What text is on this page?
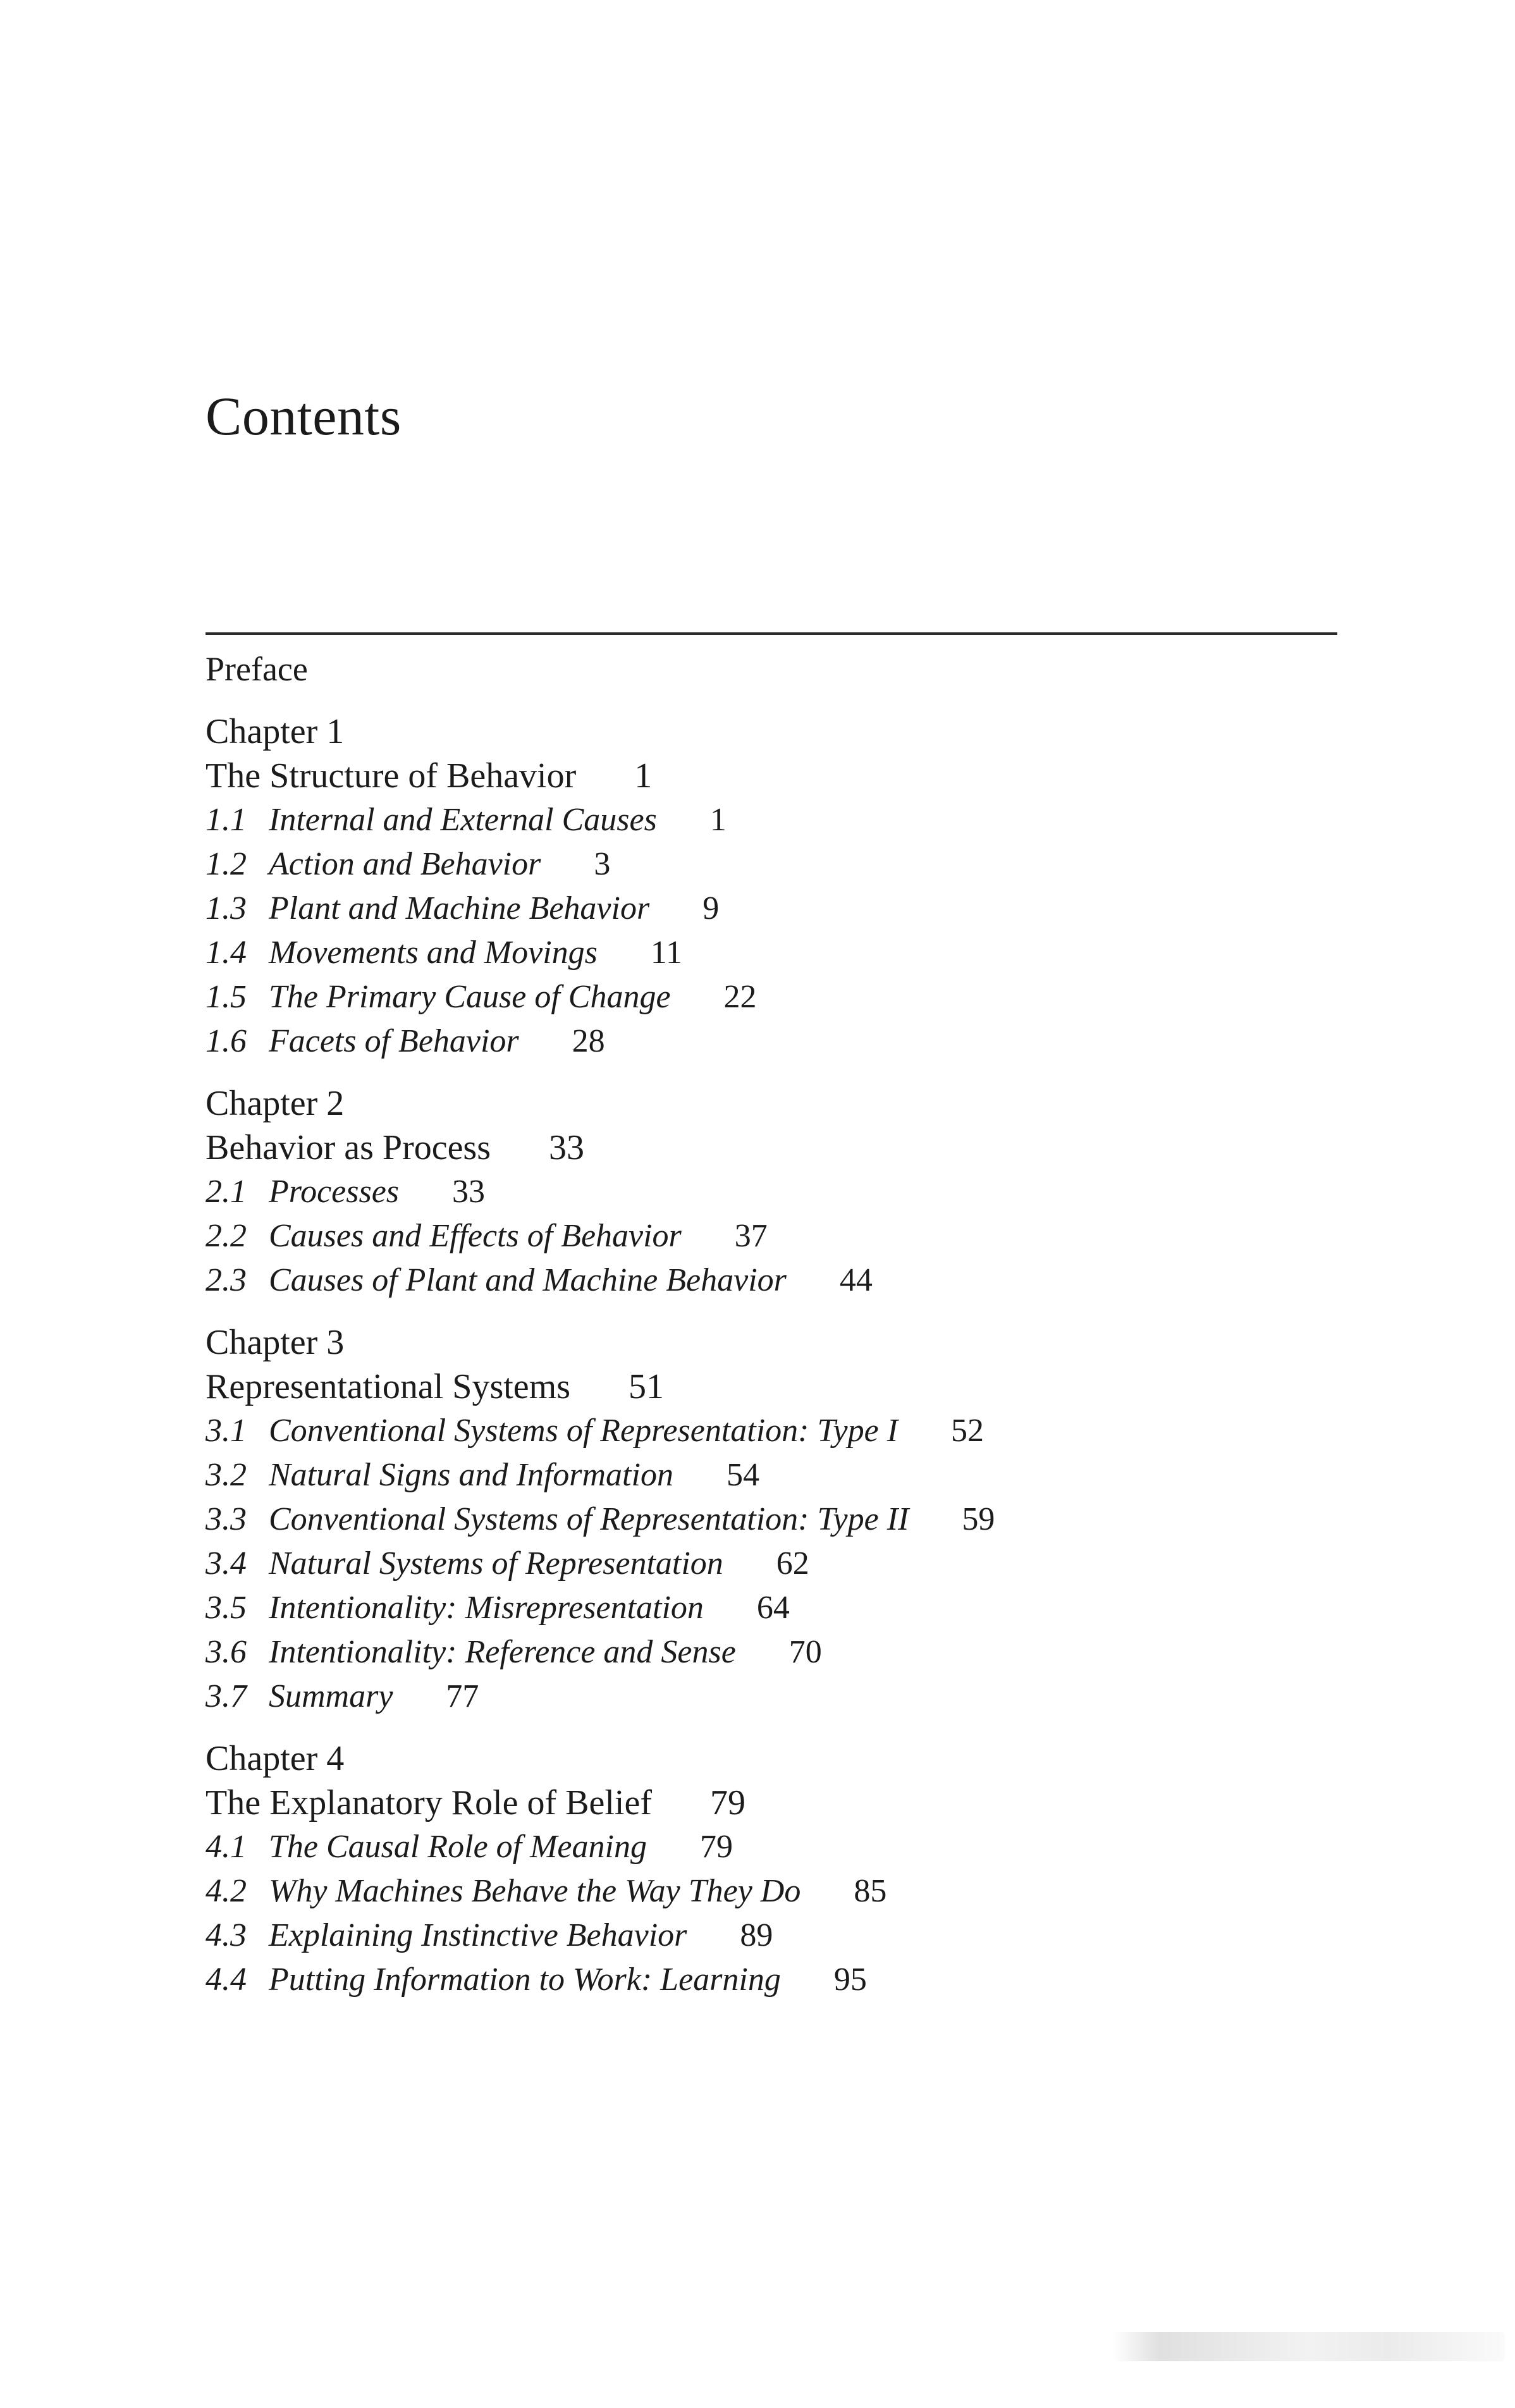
Contents
Preface
Chapter 1
The Structure of Behavior 1
1.1 Internal and External Causes 1
1.2 Action and Behavior 3
1.3 Plant and Machine Behavior 9
1.4 Movements and Movings 11
1.5 The Primary Cause of Change 22
1.6 Facets of Behavior 28
Chapter 2
Behavior as Process 33
2.1 Processes 33
2.2 Causes and Effects of Behavior 37
2.3 Causes of Plant and Machine Behavior 44
Chapter 3
Representational Systems 51
3.1 Conventional Systems of Representation: Type I 52
3.2 Natural Signs and Information 54
3.3 Conventional Systems of Representation: Type II 59
3.4 Natural Systems of Representation 62
3.5 Intentionality: Misrepresentation 64
3.6 Intentionality: Reference and Sense 70
3.7 Summary 77
Chapter 4
The Explanatory Role of Belief 79
4.1 The Causal Role of Meaning 79
4.2 Why Machines Behave the Way They Do 85
4.3 Explaining Instinctive Behavior 89
4.4 Putting Information to Work: Learning 95
